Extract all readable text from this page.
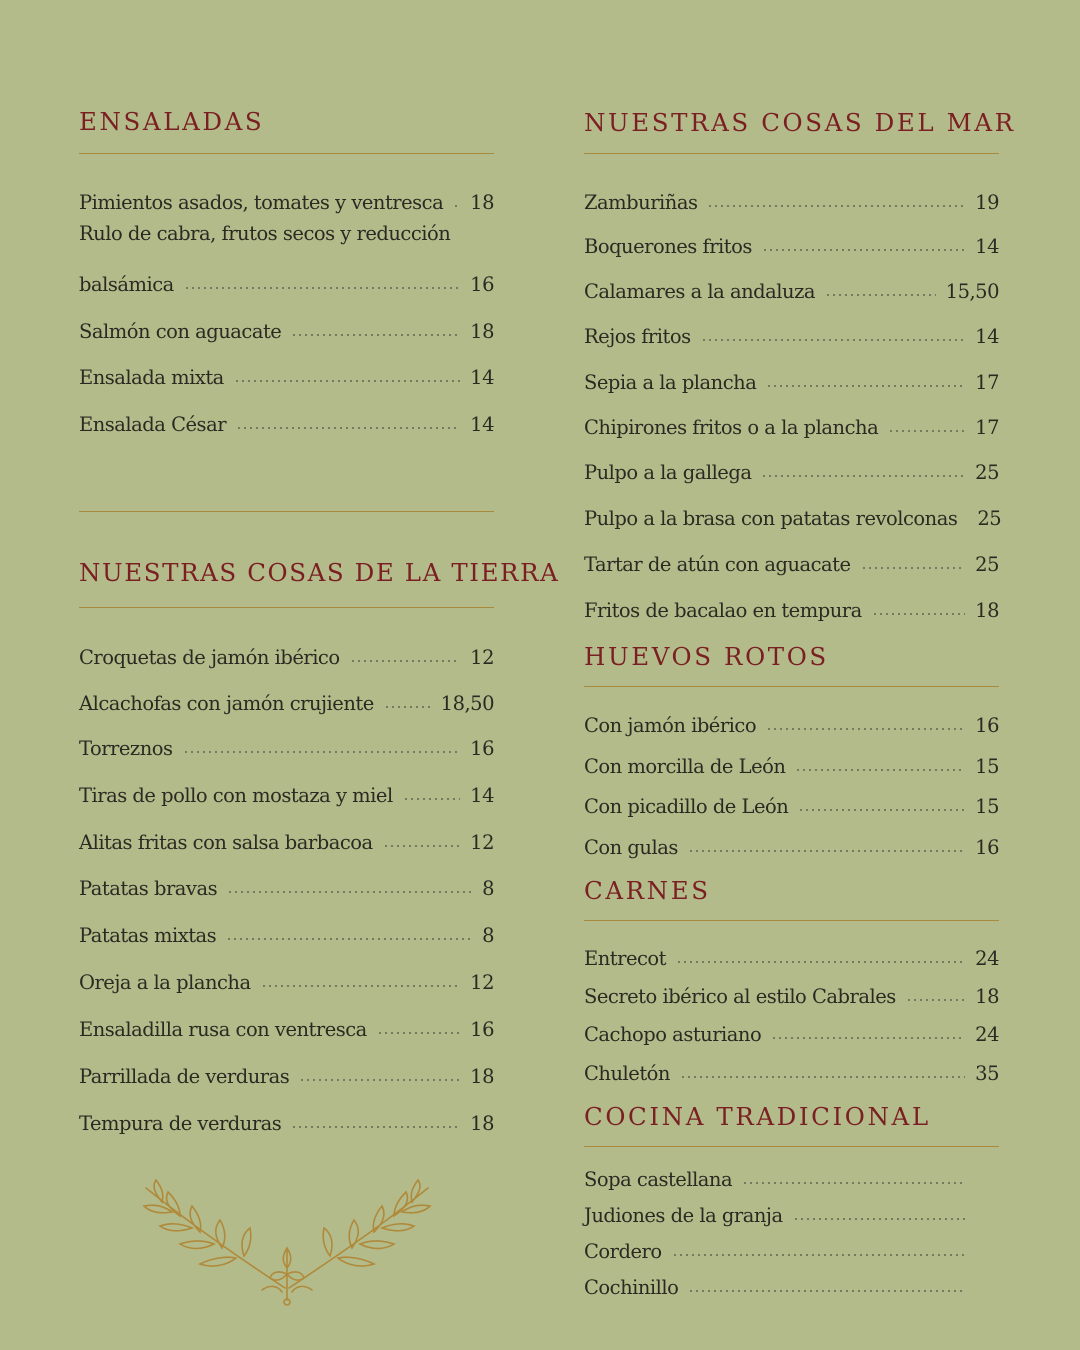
ENSALADAS
Pimientos asados, tomates y ventresca 18
Rulo de cabra, frutos secos y reducción
balsámica	16
Salmón con aguacate	18
Ensalada mixta	14
Ensalada César	14
NUESTRAS COSAS DE LA TIERRA
Croquetas de jamón ibérico	12
Alcachofas con jamón crujiente	18,50
Torreznos	16
Tiras de pollo con mostaza y miel	14
Alitas fritas con salsa barbacoa	12
Patatas bravas	8
Patatas mixtas	8
Oreja a la plancha	12
Ensaladilla rusa con ventresca	16
Parrillada de verduras	18
Tempura de verduras	18
NUESTRAS COSAS DEL MAR
Zamburiñas	19
Boquerones fritos	14
Calamares a la andaluza	15,50
Rejos fritos	14
Sepia a la plancha	17
Chipirones fritos o a la plancha	17
Pulpo a la gallega	25
Pulpo a la brasa con patatas revolconas 25
Tartar de atún con aguacate	25
Fritos de bacalao en tempura	18
HUEVOS ROTOS
Con jamón ibérico	16
Con morcilla de León	15
Con picadillo de León	15
Con gulas	16
CARNES
Entrecot	24
Secreto ibérico al estilo Cabrales	18
Cachopo asturiano	24
Chuletón	35
COCINA TRADICIONAL
Sopa castellana
Judiones de la granja
Cordero
Cochinillo
